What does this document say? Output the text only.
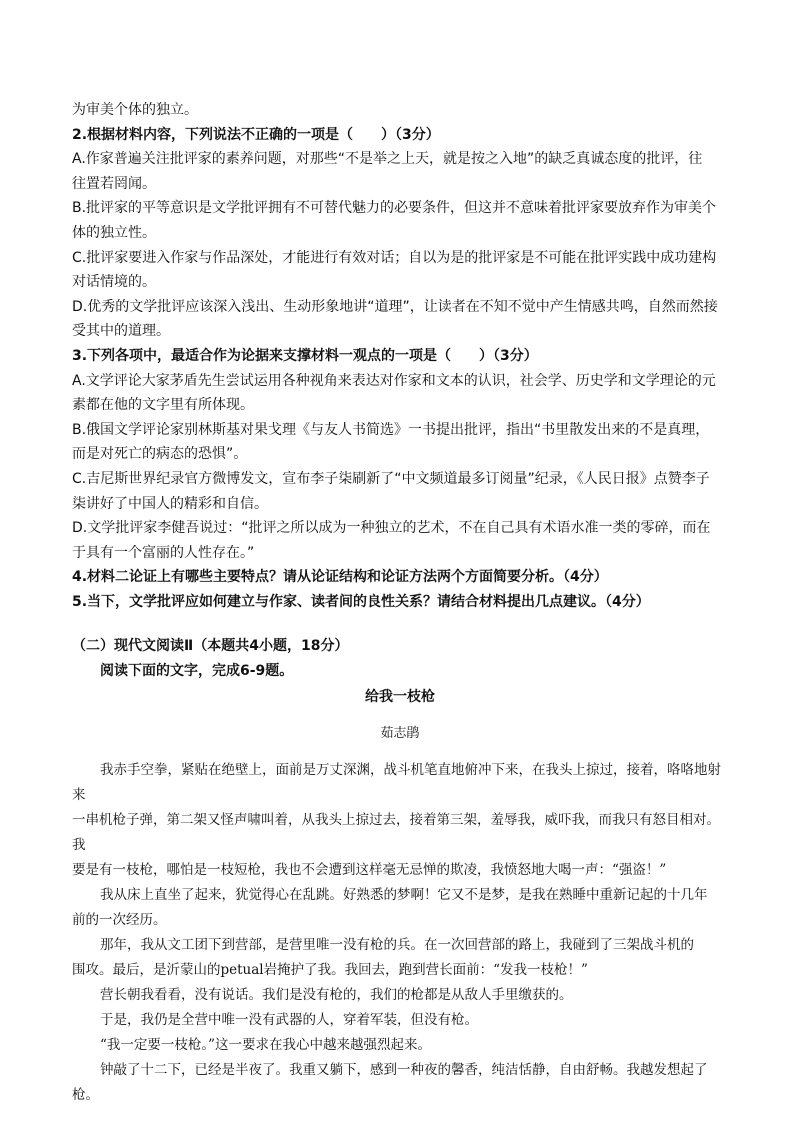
为审美个体的独立。

2.根据材料内容，下列说法不正确的一项是（　　）（3分）

A.作家普遍关注批评家的素养问题，对那些“不是举之上天，就是按之入地”的缺乏真诚态度的批评，往

往置若罔闻。

B.批评家的平等意识是文学批评拥有不可替代魅力的必要条件，但这并不意味着批评家要放弃作为审美个

体的独立性。

C.批评家要进入作家与作品深处，才能进行有效对话；自以为是的批评家是不可能在批评实践中成功建构

对话情境的。

D.优秀的文学批评应该深入浅出、生动形象地讲“道理”，让读者在不知不觉中产生情感共鸣，自然而然接

受其中的道理。

3.下列各项中，最适合作为论据来支撑材料一观点的一项是（　　）（3分）

A.文学评论大家茅盾先生尝试运用各种视角来表达对作家和文本的认识，社会学、历史学和文学理论的元

素都在他的文字里有所体现。

B.俄国文学评论家别林斯基对果戈理《与友人书简选》一书提出批评，指出“书里散发出来的不是真理，

而是对死亡的病态的恐惧”。

C.吉尼斯世界纪录官方微博发文，宣布李子柒刷新了“中文频道最多订阅量”纪录，《人民日报》点赞李子

柒讲好了中国人的精彩和自信。

D.文学批评家李健吾说过：“批评之所以成为一种独立的艺术，不在自己具有术语水准一类的零碎，而在

于具有一个富丽的人性存在。”

4.材料二论证上有哪些主要特点？请从论证结构和论证方法两个方面简要分析。（4分）

5.当下，文学批评应如何建立与作家、读者间的良性关系？请结合材料提出几点建议。（4分）

（二）现代文阅读Ⅱ（本题共4小题，18分）

阅读下面的文字，完成6-9题。

给我一枝枪

茹志鹃

我赤手空拳，紧贴在绝壁上，面前是万丈深渊，战斗机笔直地俯冲下来，在我头上掠过，接着，咯咯地射来

一串机枪子弹，第二架又怪声啸叫着，从我头上掠过去，接着第三架，羞辱我，威吓我，而我只有怒目相对。我

要是有一枝枪，哪怕是一枝短枪，我也不会遭到这样毫无忌惮的欺凌，我愤怒地大喝一声：“强盗！”

我从床上直坐了起来，犹觉得心在乱跳。好熟悉的梦啊！它又不是梦，是我在熟睡中重新记起的十几年

前的一次经历。

那年，我从文工团下到营部，是营里唯一没有枪的兵。在一次回营部的路上，我碰到了三架战斗机的

围攻。最后，是沂蒙山的petual岩掩护了我。我回去，跑到营长面前：“发我一枝枪！”

营长朝我看看，没有说话。我们是没有枪的，我们的枪都是从敌人手里缴获的。

于是，我仍是全营中唯一没有武器的人，穿着军装，但没有枪。

“我一定要一枝枪。”这一要求在我心中越来越强烈起来。

钟敲了十二下，已经是半夜了。我重又躺下，感到一种夜的馨香，纯洁恬静，自由舒畅。我越发想起了枪。
